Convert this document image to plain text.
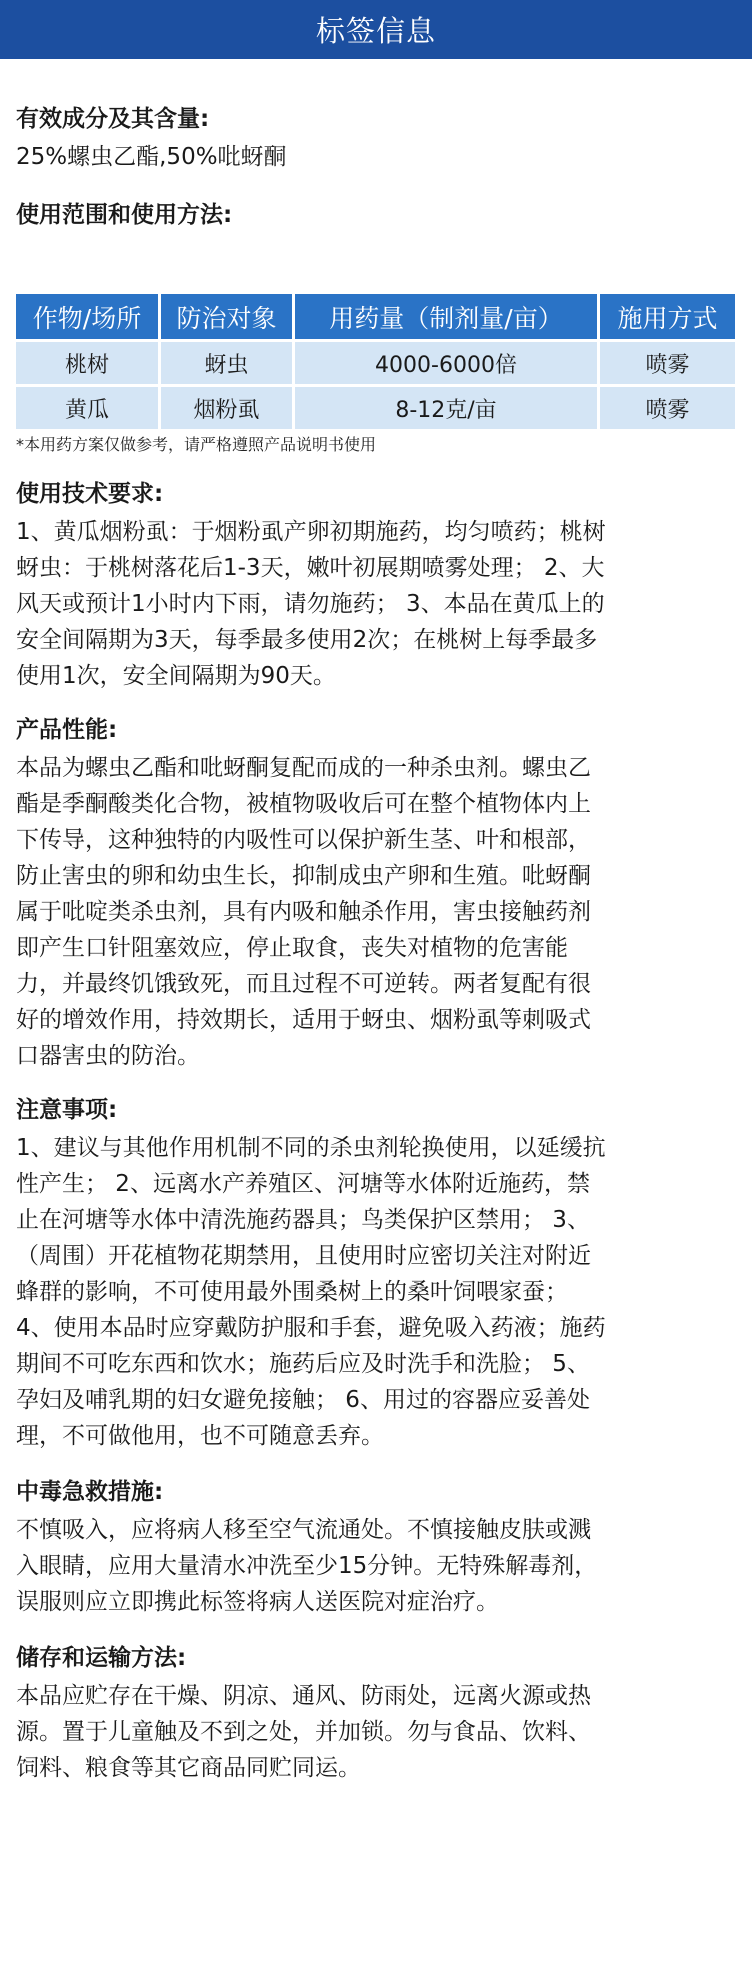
标签信息
有效成分及其含量:

25%螺虫乙酯,50%吡蚜酮

使用范围和使用方法:
作物/场所	防治对象	用药量（制剂量/亩）	施用方式
桃树	蚜虫	4000-6000倍	喷雾
黄瓜	烟粉虱	8-12克/亩	喷雾

*本用药方案仅做参考，请严格遵照产品说明书使用

使用技术要求:

1、黄瓜烟粉虱：于烟粉虱产卵初期施药，均匀喷药；桃树
蚜虫：于桃树落花后1-3天，嫩叶初展期喷雾处理； 2、大
风天或预计1小时内下雨，请勿施药； 3、本品在黄瓜上的
安全间隔期为3天，每季最多使用2次；在桃树上每季最多
使用1次，安全间隔期为90天。

产品性能:

本品为螺虫乙酯和吡蚜酮复配而成的一种杀虫剂。螺虫乙
酯是季酮酸类化合物，被植物吸收后可在整个植物体内上
下传导，这种独特的内吸性可以保护新生茎、叶和根部，
防止害虫的卵和幼虫生长，抑制成虫产卵和生殖。吡蚜酮
属于吡啶类杀虫剂，具有内吸和触杀作用，害虫接触药剂
即产生口针阻塞效应，停止取食，丧失对植物的危害能
力，并最终饥饿致死，而且过程不可逆转。两者复配有很
好的增效作用，持效期长，适用于蚜虫、烟粉虱等刺吸式
口器害虫的防治。

注意事项:

1、建议与其他作用机制不同的杀虫剂轮换使用，以延缓抗
性产生； 2、远离水产养殖区、河塘等水体附近施药，禁
止在河塘等水体中清洗施药器具；鸟类保护区禁用； 3、
（周围）开花植物花期禁用，且使用时应密切关注对附近
蜂群的影响，不可使用最外围桑树上的桑叶饲喂家蚕；
4、使用本品时应穿戴防护服和手套，避免吸入药液；施药
期间不可吃东西和饮水；施药后应及时洗手和洗脸； 5、
孕妇及哺乳期的妇女避免接触； 6、用过的容器应妥善处
理，不可做他用，也不可随意丢弃。

中毒急救措施:

不慎吸入，应将病人移至空气流通处。不慎接触皮肤或溅
入眼睛，应用大量清水冲洗至少15分钟。无特殊解毒剂，
误服则应立即携此标签将病人送医院对症治疗。

储存和运输方法:

本品应贮存在干燥、阴凉、通风、防雨处，远离火源或热
源。置于儿童触及不到之处，并加锁。勿与食品、饮料、
饲料、粮食等其它商品同贮同运。
